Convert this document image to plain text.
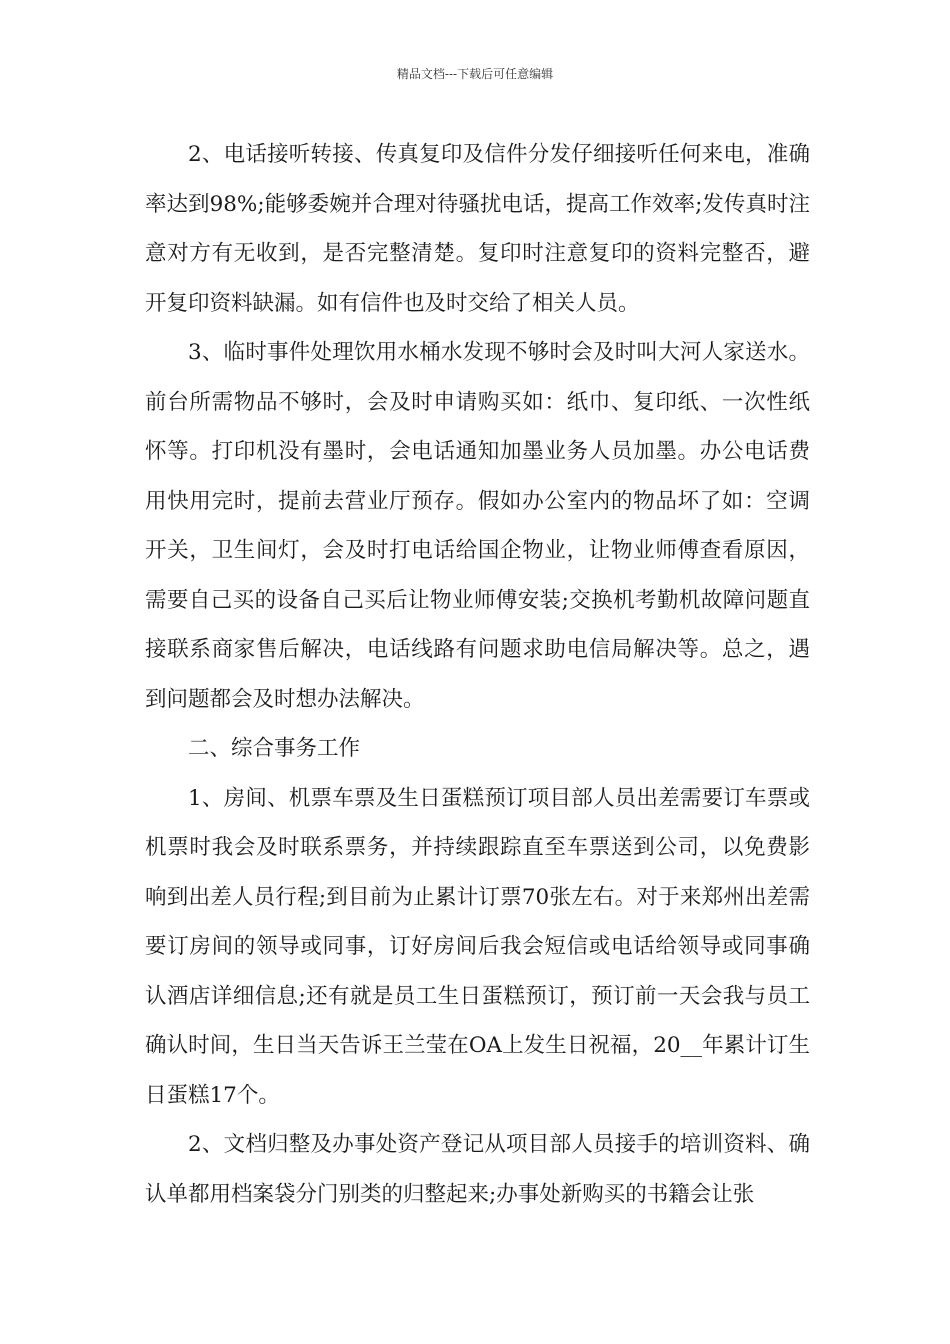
精品文档---下载后可任意编辑

2、电话接听转接、传真复印及信件分发仔细接听任何来电，准确率达到98%;能够委婉并合理对待骚扰电话，提高工作效率;发传真时注意对方有无收到，是否完整清楚。复印时注意复印的资料完整否，避开复印资料缺漏。如有信件也及时交给了相关人员。

3、临时事件处理饮用水桶水发现不够时会及时叫大河人家送水。前台所需物品不够时，会及时申请购买如：纸巾、复印纸、一次性纸怀等。打印机没有墨时，会电话通知加墨业务人员加墨。办公电话费用快用完时，提前去营业厅预存。假如办公室内的物品坏了如：空调开关，卫生间灯，会及时打电话给国企物业，让物业师傅查看原因，需要自己买的设备自己买后让物业师傅安装;交换机考勤机故障问题直接联系商家售后解决，电话线路有问题求助电信局解决等。总之，遇到问题都会及时想办法解决。

二、综合事务工作

1、房间、机票车票及生日蛋糕预订项目部人员出差需要订车票或机票时我会及时联系票务，并持续跟踪直至车票送到公司，以免费影响到出差人员行程;到目前为止累计订票70张左右。对于来郑州出差需要订房间的领导或同事，订好房间后我会短信或电话给领导或同事确认酒店详细信息;还有就是员工生日蛋糕预订，预订前一天会我与员工确认时间，生日当天告诉王兰莹在OA上发生日祝福，20__年累计订生日蛋糕17个。

2、文档归整及办事处资产登记从项目部人员接手的培训资料、确认单都用档案袋分门别类的归整起来;办事处新购买的书籍会让张
